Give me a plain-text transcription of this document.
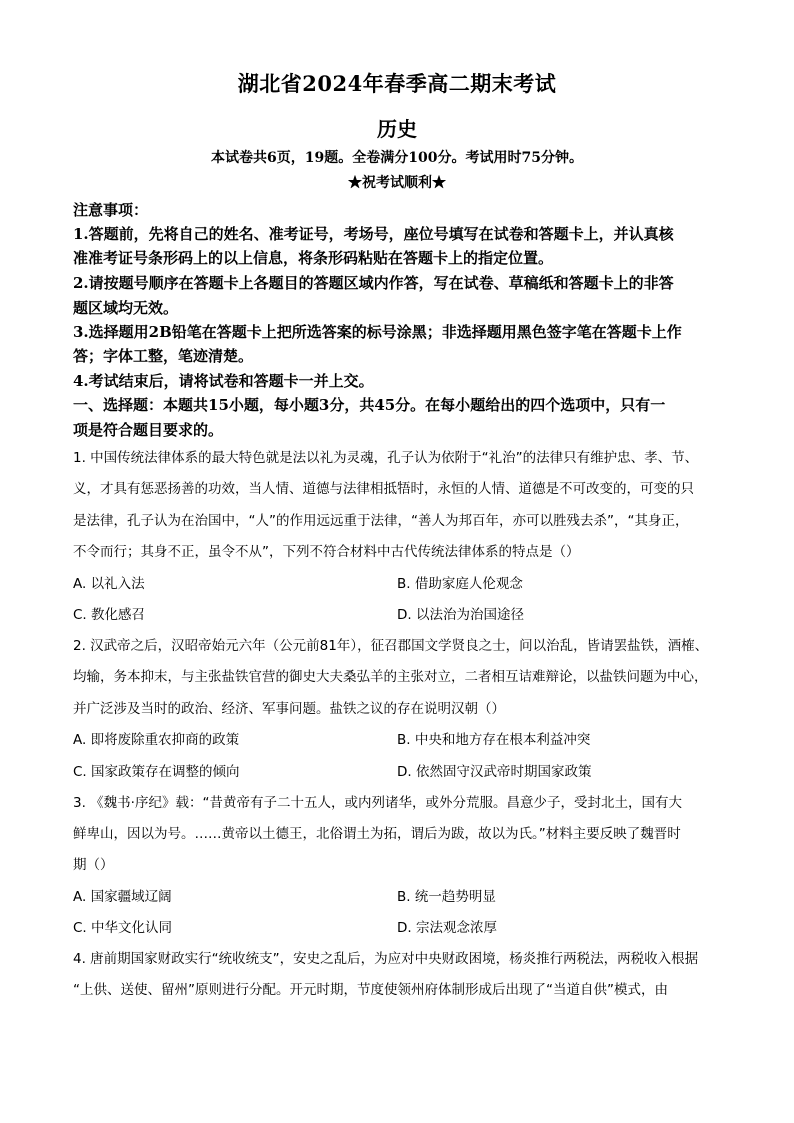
湖北省2024年春季高二期末考试
历史
本试卷共6页，19题。全卷满分100分。考试用时75分钟。
★祝考试顺利★
注意事项：
1.答题前，先将自己的姓名、准考证号，考场号，座位号填写在试卷和答题卡上，并认真核
准准考证号条形码上的以上信息，将条形码粘贴在答题卡上的指定位置。
2.请按题号顺序在答题卡上各题目的答题区域内作答，写在试卷、草稿纸和答题卡上的非答
题区域均无效。
3.选择题用2B铅笔在答题卡上把所选答案的标号涂黑；非选择题用黑色签字笔在答题卡上作
答；字体工整，笔迹清楚。
4.考试结束后，请将试卷和答题卡一并上交。
一、选择题：本题共15小题，每小题3分，共45分。在每小题给出的四个选项中，只有一
项是符合题目要求的。
1. 中国传统法律体系的最大特色就是法以礼为灵魂，孔子认为依附于“礼治”的法律只有维护忠、孝、节、
义，才具有惩恶扬善的功效，当人情、道德与法律相抵牾时，永恒的人情、道德是不可改变的，可变的只
是法律，孔子认为在治国中，“人”的作用远远重于法律，“善人为邦百年，亦可以胜残去杀”，“其身正，
不令而行；其身不正，虽令不从”，下列不符合材料中古代传统法律体系的特点是（）
A. 以礼入法	B. 借助家庭人伦观念
C. 教化感召	D. 以法治为治国途径
2. 汉武帝之后，汉昭帝始元六年（公元前81年），征召郡国文学贤良之士，问以治乱，皆请罢盐铁，酒榷、
均输，务本抑末，与主张盐铁官营的御史大夫桑弘羊的主张对立，二者相互诘难辩论，以盐铁问题为中心，
并广泛涉及当时的政治、经济、军事问题。盐铁之议的存在说明汉朝（）
A. 即将废除重农抑商的政策	B. 中央和地方存在根本利益冲突
C. 国家政策存在调整的倾向	D. 依然固守汉武帝时期国家政策
3. 《魏书·序纪》载：“昔黄帝有子二十五人，或内列诸华，或外分荒服。昌意少子，受封北土，国有大
鲜卑山，因以为号。……黄帝以土德王，北俗谓土为拓，谓后为跋，故以为氏。”材料主要反映了魏晋时
期（）
A. 国家疆域辽阔	B. 统一趋势明显
C. 中华文化认同	D. 宗法观念浓厚
4. 唐前期国家财政实行“统收统支”，安史之乱后，为应对中央财政困境，杨炎推行两税法，两税收入根据
“上供、送使、留州”原则进行分配。开元时期，节度使领州府体制形成后出现了“当道自供”模式，由
